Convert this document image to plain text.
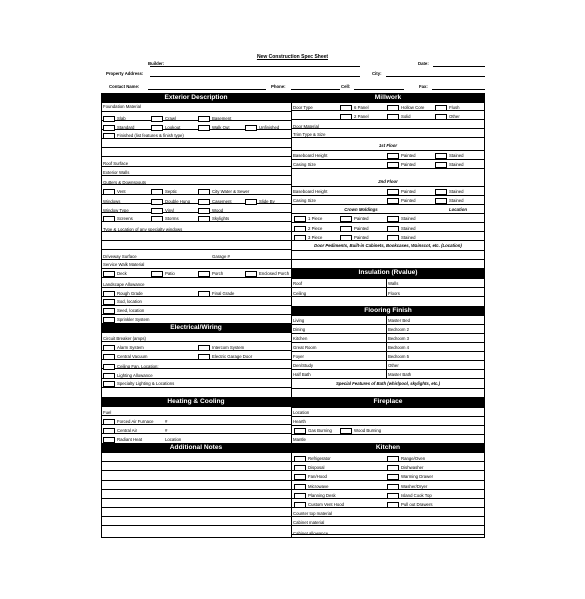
New Construction Spec Sheet
Builder:	Date:
Property Address:	City:
Contact Name:	Phone:	Cell:	Fax:
Exterior Description	Millwork
Insulation (Rvalue)
Flooring Finish
Electrical/Wiring
Heating & Cooling	Fireplace
Additional Notes	Kitchen
Foundation Material
Slab	Crawl	Basement
Standard	Lookout	Walk Out	Unfinished
Finished (list features & finish type)
Roof Surface
Exterior Walls
Gutters & Downspouts
Vent	Septic	City Water & Sewer
Windows	Double Hung	Casement	Slide By
Window Type	Vinyl	Wood
Screens	Storms	Skylights
Type & Location of any specialty windows
Driveway Surface	Garage #
Service Walk Material
Deck	Patio	Porch	Enclosed Porch
Landscape Allowance
Rough Grade	Final Grade
Sod, location
Seed, location
Sprinkler System
Circuit Breaker (amps)
Alarm System	Intercom System
Central Vacuum	Electric Garage Door
Ceiling Fan, Location:
Lighting Allowance
Specialty Lighting & Locations
Fuel
Forced Air Furnace	#
Central Air	#
Radiant Heat	Location
Door Type	6 Panel	Hollow Core	Flush
2 Panel	Solid	Other
Door Material
Trim Type & Size
Baseboard Height	Painted	Stained
Casing Size	Painted	Stained
Baseboard Height	Painted	Stained
Casing Size	Painted	Stained
1 Piece	Painted	Stained
2 Piece	Painted	Stained
3 Piece	Painted	Stained
Roof	Walls
Ceiling	Floors
Living	Master Bed
Dining	Bedroom 2
Kitchen	Bedroom 3
Great Room	Bedroom 4
Foyer	Bedroom 5
Den/Study	Other
Half Bath	Master Bath
Location
Hearth
Gas Burning	Wood Burning
Mantle
Refrigerator	Range/Oven
Disposal	Dishwasher
Fan/Hood	Warming Drawer
Microwave	Washer/Dryer
Planning Desk	Island Cook Top
Custom Vent Hood	Pull out Drawers
Counter top material
Cabinet material
Cabinet allowance
1st Floor
2nd Floor
Crown Moldings	Location
Door Pediments, Built-in Cabinets, Bookcases, Wainscot, etc. (Location)
Special Features of Bath (whirlpool, skylights, etc.)
